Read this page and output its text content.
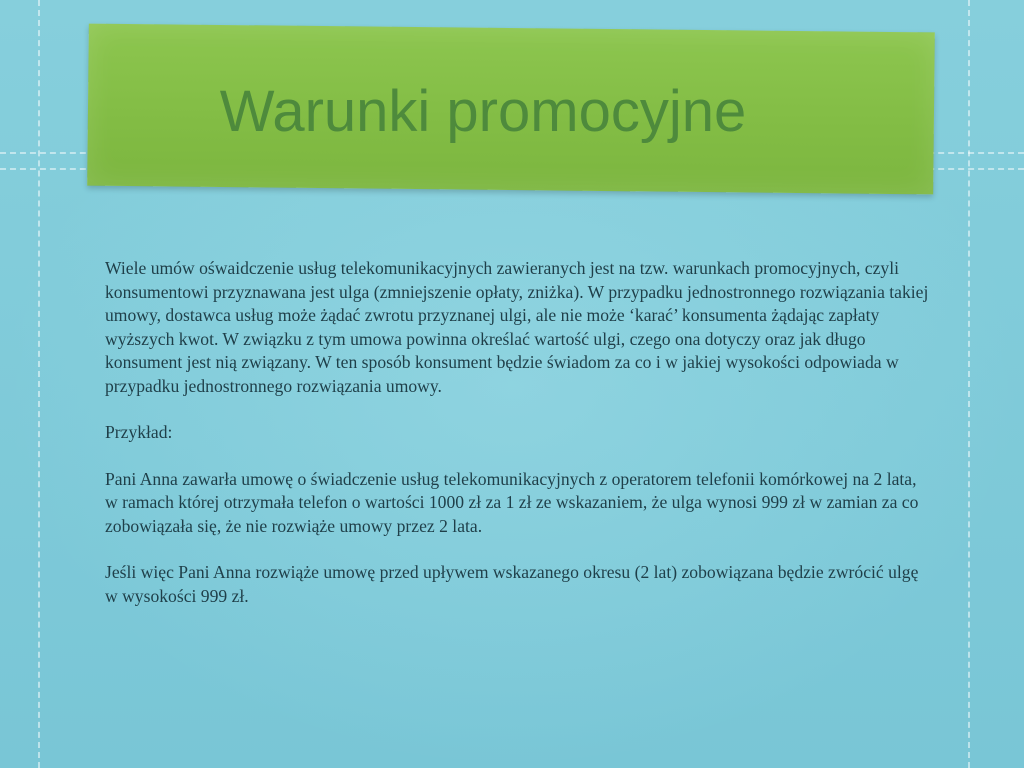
Warunki promocyjne

Wiele umów ośwaidczenie usług telekomunikacyjnych zawieranych jest na tzw. warunkach promocyjnych, czyli konsumentowi przyznawana jest ulga (zmniejszenie opłaty, zniżka). W przypadku jednostronnego rozwiązania takiej umowy, dostawca usług może żądać zwrotu przyznanej ulgi, ale nie może ‘karać’ konsumenta żądając zapłaty wyższych kwot. W związku z tym umowa powinna określać wartość ulgi, czego ona dotyczy oraz jak długo konsument jest nią związany. W ten sposób konsument będzie świadom za co i w jakiej wysokości odpowiada w przypadku jednostronnego rozwiązania umowy.

Przykład:

Pani Anna zawarła umowę o świadczenie usług telekomunikacyjnych z operatorem telefonii komórkowej na 2 lata, w ramach której otrzymała telefon o wartości 1000 zł za 1 zł ze wskazaniem, że ulga wynosi 999 zł w zamian za co zobowiązała się, że nie rozwiąże umowy przez 2 lata.

Jeśli więc Pani Anna rozwiąże umowę przed upływem wskazanego okresu (2 lat) zobowiązana będzie zwrócić ulgę w wysokości 999 zł.
